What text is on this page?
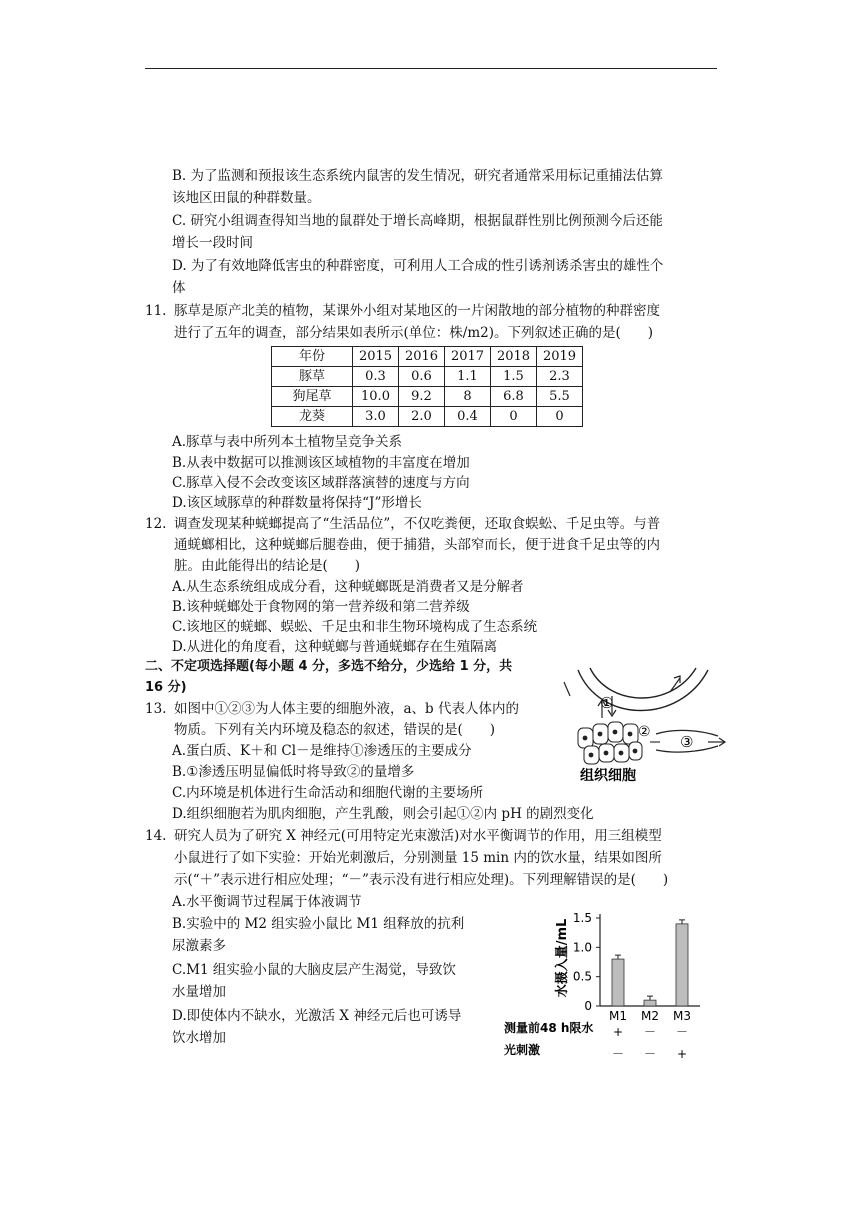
B. 为了监测和预报该生态系统内鼠害的发生情况，研究者通常采用标记重捕法估算
该地区田鼠的种群数量。
C. 研究小组调查得知当地的鼠群处于增长高峰期，根据鼠群性别比例预测今后还能
增长一段时间
D. 为了有效地降低害虫的种群密度，可利用人工合成的性引诱剂诱杀害虫的雄性个
体
11. 豚草是原产北美的植物，某课外小组对某地区的一片闲散地的部分植物的种群密度
进行了五年的调查，部分结果如表所示(单位：株/m2)。下列叙述正确的是(　　)
年份	2015	2016	2017	2018	2019
豚草	0.3	0.6	1.1	1.5	2.3
狗尾草	10.0	9.2	8	6.8	5.5
龙葵	3.0	2.0	0.4	0	0
A.豚草与表中所列本土植物呈竞争关系
B.从表中数据可以推测该区域植物的丰富度在增加
C.豚草入侵不会改变该区域群落演替的速度与方向
D.该区域豚草的种群数量将保持“J”形增长
12. 调查发现某种蜣螂提高了“生活品位”，不仅吃粪便，还取食蜈蚣、千足虫等。与普
通蜣螂相比，这种蜣螂后腿卷曲，便于捕猎，头部窄而长，便于进食千足虫等的内
脏。由此能得出的结论是(　　)
A.从生态系统组成成分看，这种蜣螂既是消费者又是分解者
B.该种蜣螂处于食物网的第一营养级和第二营养级
C.该地区的蜣螂、蜈蚣、千足虫和非生物环境构成了生态系统
D.从进化的角度看，这种蜣螂与普通蜣螂存在生殖隔离
二、不定项选择题(每小题 4 分，多选不给分，少选给 1 分，共
16 分)
13. 如图中①②③为人体主要的细胞外液，a、b 代表人体内的
物质。下列有关内环境及稳态的叙述，错误的是(　　)
A.蛋白质、K＋和 Cl－是维持①渗透压的主要成分
B.①渗透压明显偏低时将导致②的量增多
C.内环境是机体进行生命活动和细胞代谢的主要场所
D.组织细胞若为肌肉细胞，产生乳酸，则会引起①②内 pH 的剧烈变化
①
②
③
组织细胞
14. 研究人员为了研究 X 神经元(可用特定光束激活)对水平衡调节的作用，用三组模型
小鼠进行了如下实验：开始光刺激后，分别测量 15 min 内的饮水量，结果如图所
示(“＋”表示进行相应处理；“－”表示没有进行相应处理)。下列理解错误的是(　　)
A.水平衡调节过程属于体液调节
B.实验中的 M2 组实验小鼠比 M1 组释放的抗利
尿激素多
C.M1 组实验小鼠的大脑皮层产生渴觉，导致饮
水量增加
D.即使体内不缺水，光激活 X 神经元后也可诱导
饮水增加
水摄入量/mL
0
0.5
1.0
1.5
M1 M2 M3
测量前48 h限水
光刺激
+
－
－
－
－
+
